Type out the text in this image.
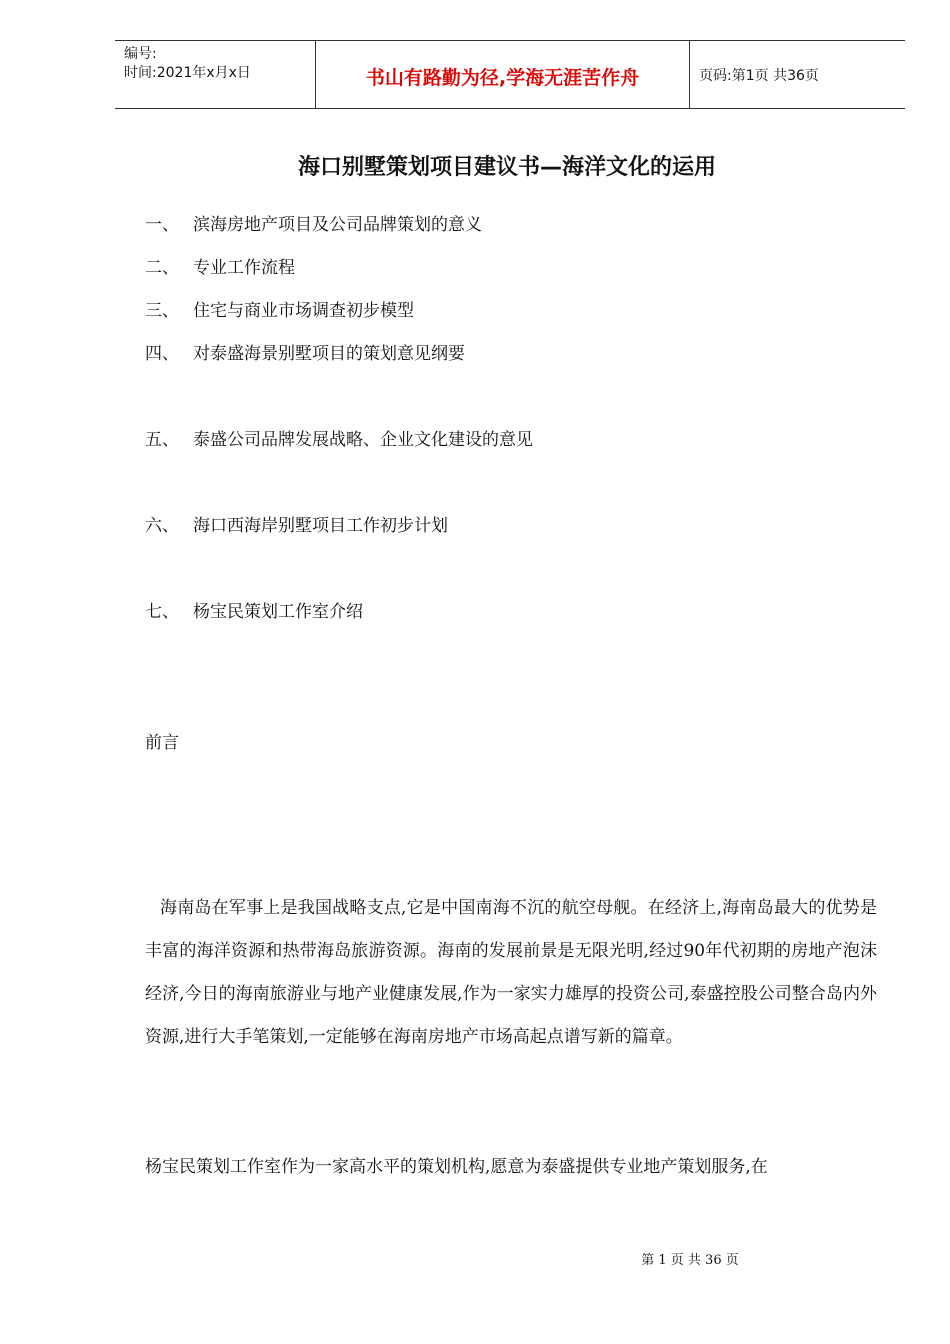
编号:
时间:2021年x月x日	书山有路勤为径,学海无涯苦作舟	页码:第1页 共36页
海口别墅策划项目建议书—海洋文化的运用
一、 滨海房地产项目及公司品牌策划的意义
二、 专业工作流程
三、 住宅与商业市场调查初步模型
四、 对泰盛海景别墅项目的策划意见纲要
五、 泰盛公司品牌发展战略、企业文化建设的意见
六、 海口西海岸别墅项目工作初步计划
七、 杨宝民策划工作室介绍
前言

海南岛在军事上是我国战略支点,它是中国南海不沉的航空母舰。在经济上,海南岛最大的优势是丰富的海洋资源和热带海岛旅游资源。海南的发展前景是无限光明,经过90年代初期的房地产泡沫经济,今日的海南旅游业与地产业健康发展,作为一家实力雄厚的投资公司,泰盛控股公司整合岛内外资源,进行大手笔策划,一定能够在海南房地产市场高起点谱写新的篇章。

杨宝民策划工作室作为一家高水平的策划机构,愿意为泰盛提供专业地产策划服务,在

第 1 页 共 36 页
